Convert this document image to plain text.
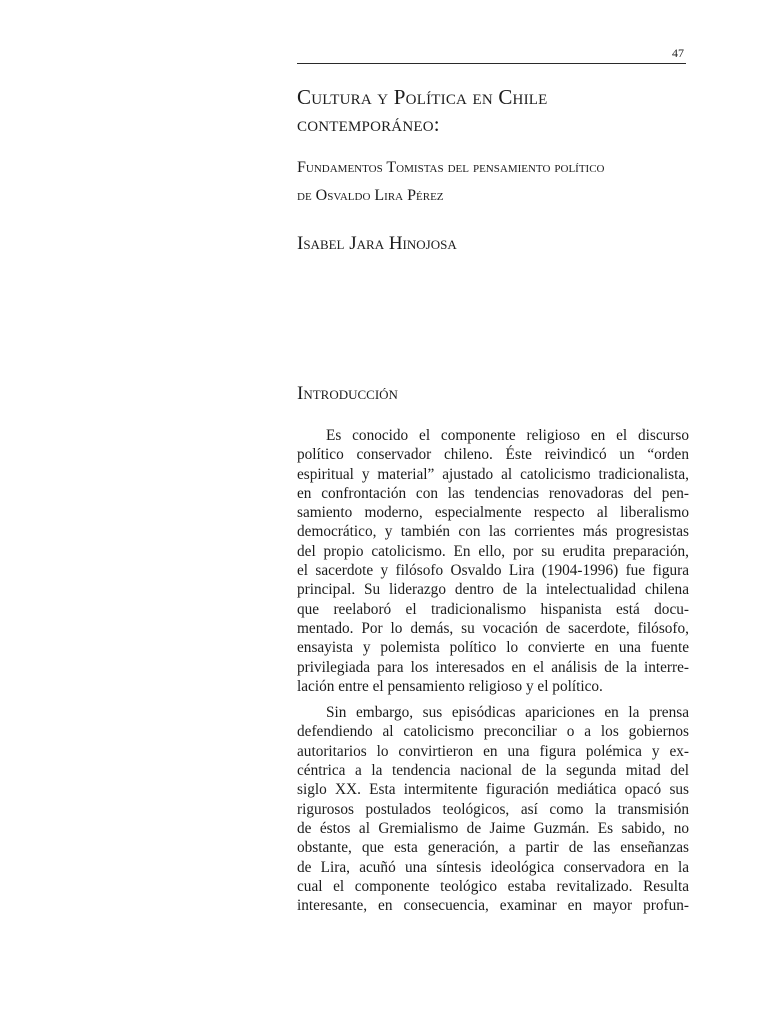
47
Cultura y Política en Chile
contemporáneo:
Fundamentos Tomistas del pensamiento político
de Osvaldo Lira Pérez
Isabel Jara Hinojosa
Introducción
Es conocido el componente religioso en el discurso
político conservador chileno. Éste reivindicó un “orden
espiritual y material” ajustado al catolicismo tradicionalista,
en confrontación con las tendencias renovadoras del pen-
samiento moderno, especialmente respecto al liberalismo
democrático, y también con las corrientes más progresistas
del propio catolicismo. En ello, por su erudita preparación,
el sacerdote y filósofo Osvaldo Lira (1904-1996) fue figura
principal. Su liderazgo dentro de la intelectualidad chilena
que reelaboró el tradicionalismo hispanista está docu-
mentado. Por lo demás, su vocación de sacerdote, filósofo,
ensayista y polemista político lo convierte en una fuente
privilegiada para los interesados en el análisis de la interre-
lación entre el pensamiento religioso y el político.
Sin embargo, sus episódicas apariciones en la prensa
defendiendo al catolicismo preconciliar o a los gobiernos
autoritarios lo convirtieron en una figura polémica y ex-
céntrica a la tendencia nacional de la segunda mitad del
siglo XX. Esta intermitente figuración mediática opacó sus
rigurosos postulados teológicos, así como la transmisión
de éstos al Gremialismo de Jaime Guzmán. Es sabido, no
obstante, que esta generación, a partir de las enseñanzas
de Lira, acuñó una síntesis ideológica conservadora en la
cual el componente teológico estaba revitalizado. Resulta
interesante, en consecuencia, examinar en mayor profun-
